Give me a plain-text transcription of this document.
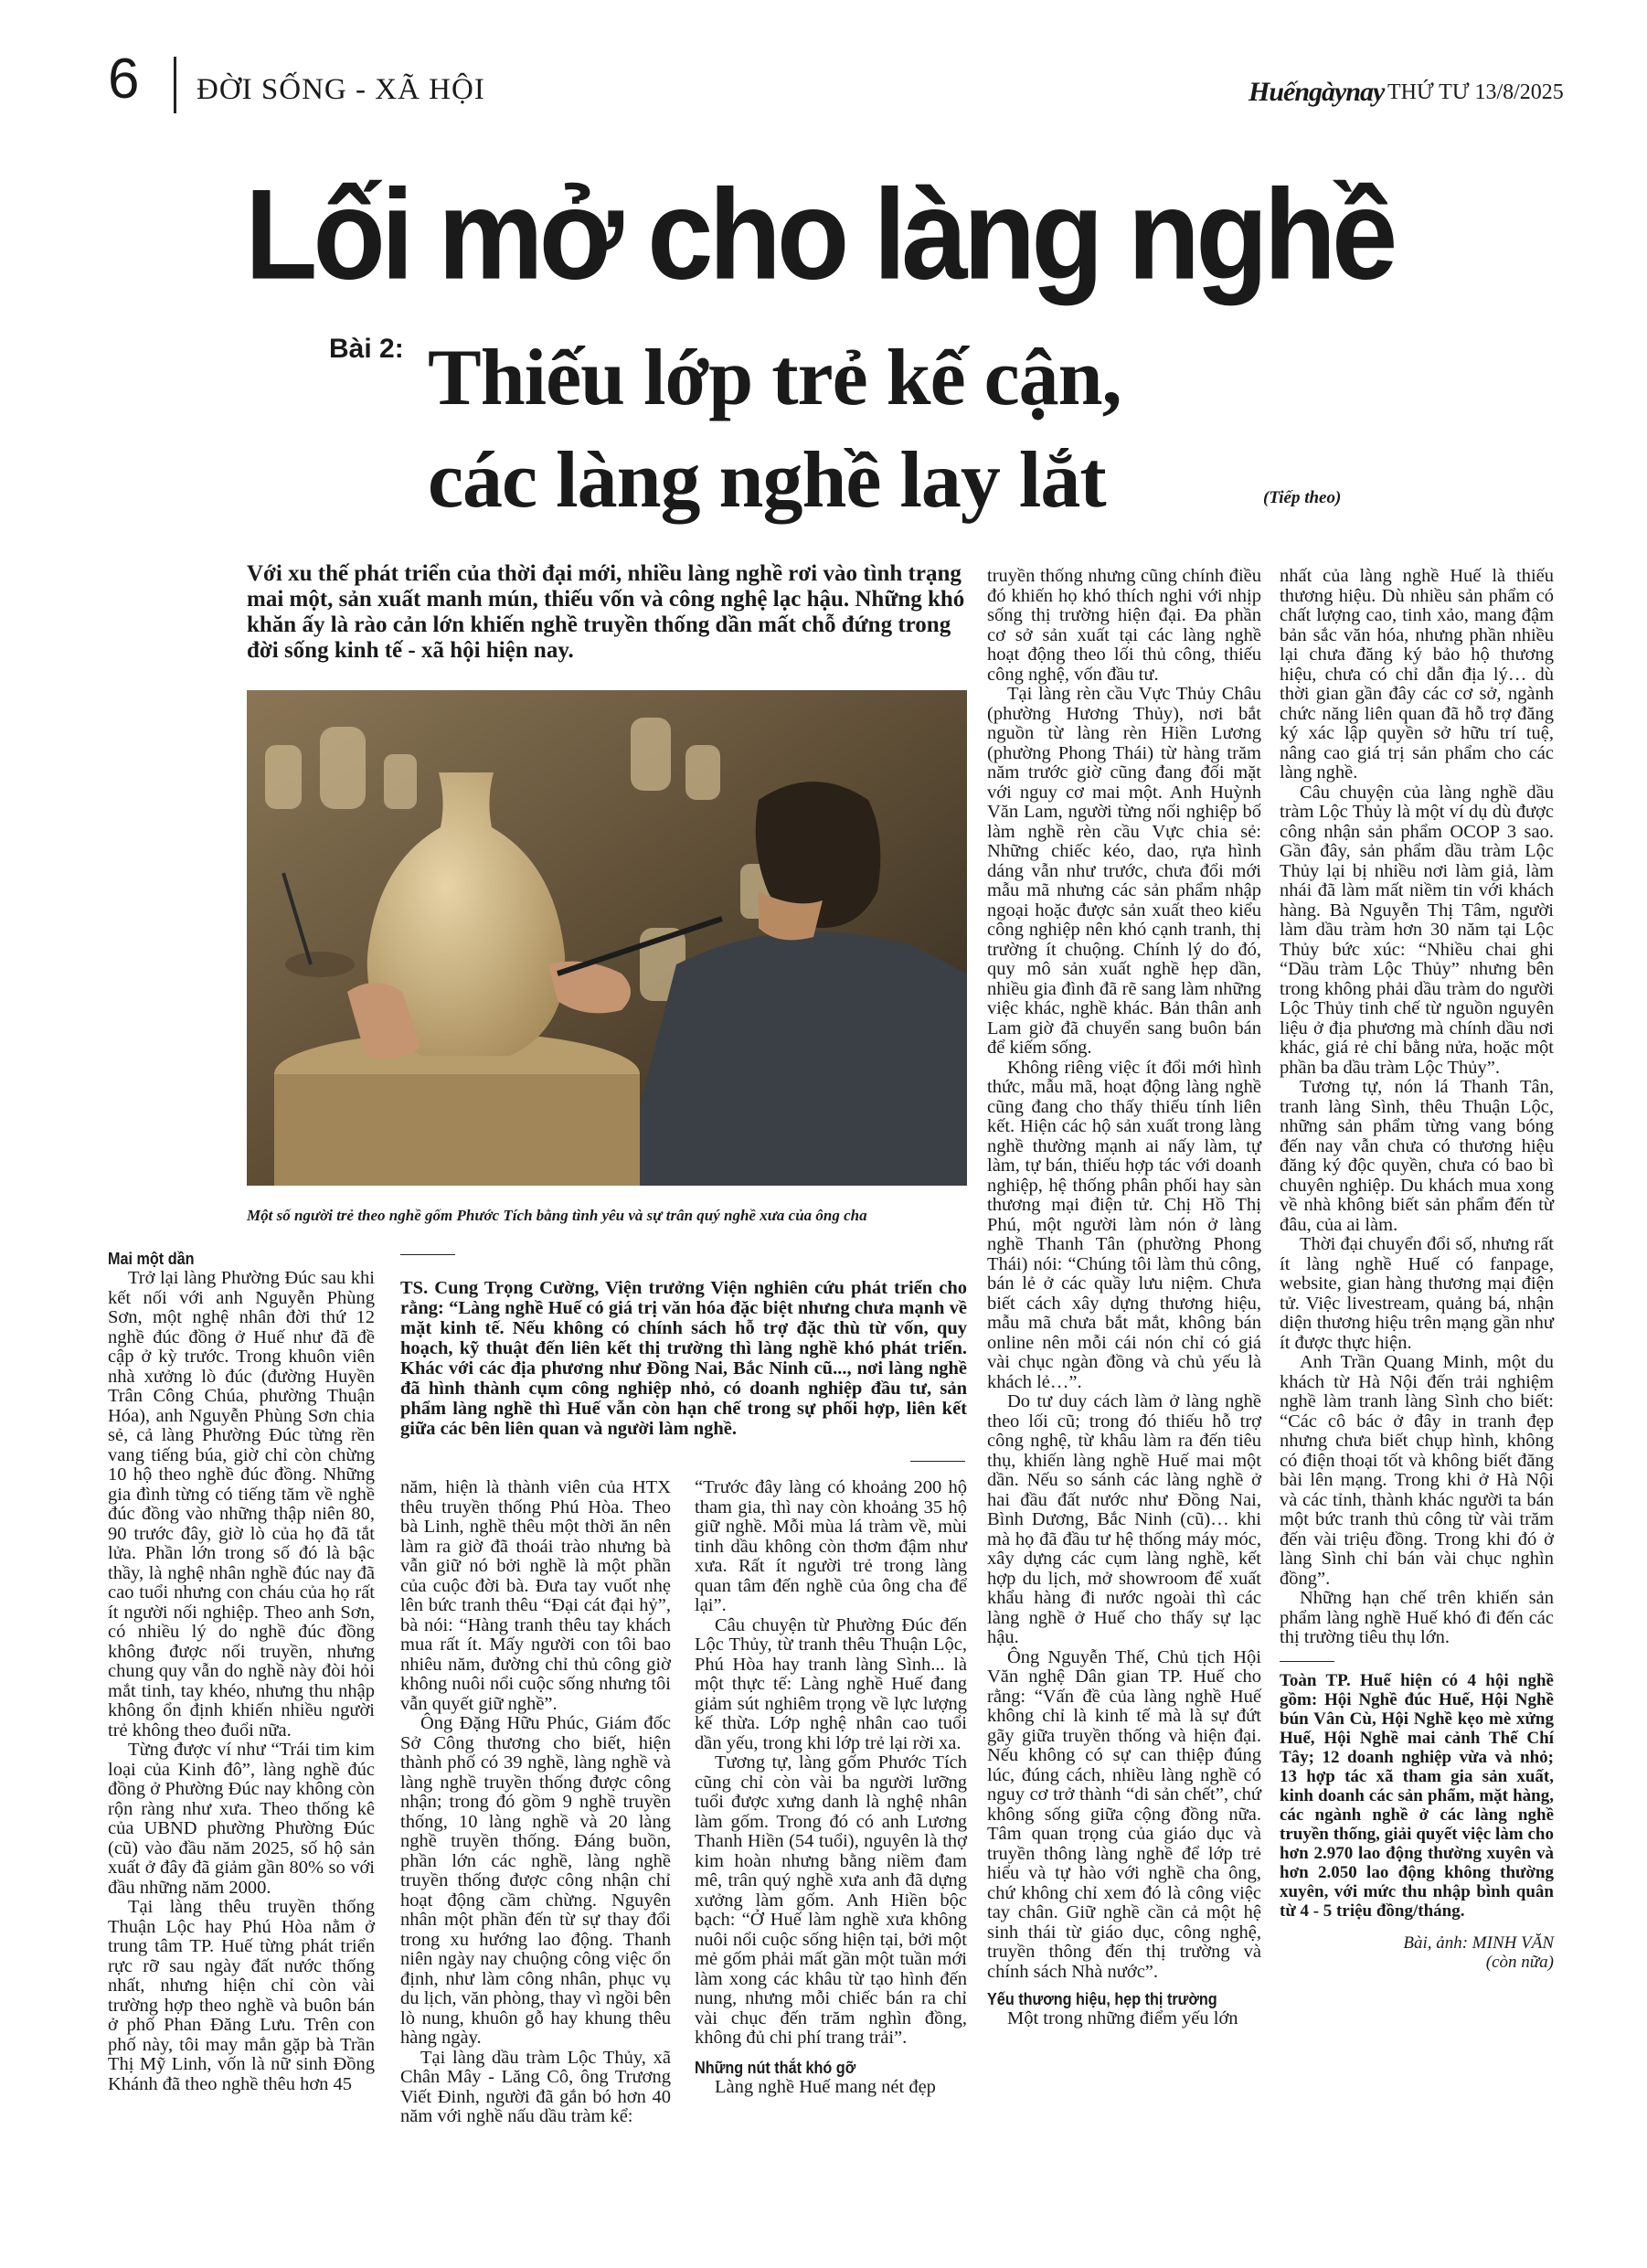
6 ĐỜI SỐNG - XÃ HỘI	Huếngàynay THỨ TƯ 13/8/2025
Lối mở cho làng nghề
Bài 2: Thiếu lớp trẻ kế cận,
các làng nghề lay lắt	(Tiếp theo)
Với xu thế phát triển của thời đại mới, nhiều làng nghề rơi vào tình trạng mai một, sản xuất manh mún, thiếu vốn và công nghệ lạc hậu. Những khó khăn ấy là rào cản lớn khiến nghề truyền thống dần mất chỗ đứng trong đời sống kinh tế - xã hội hiện nay.
Một số người trẻ theo nghề gốm Phước Tích bằng tình yêu và sự trân quý nghề xưa của ông cha
Mai một dần

Trở lại làng Phường Đúc sau khi kết nối với anh Nguyễn Phùng Sơn, một nghệ nhân đời thứ 12 nghề đúc đồng ở Huế như đã đề cập ở kỳ trước. Trong khuôn viên nhà xưởng lò đúc (đường Huyền Trân Công Chúa, phường Thuận Hóa), anh Nguyễn Phùng Sơn chia sẻ, cả làng Phường Đúc từng rền vang tiếng búa, giờ chỉ còn chừng 10 hộ theo nghề đúc đồng. Những gia đình từng có tiếng tăm về nghề đúc đồng vào những thập niên 80, 90 trước đây, giờ lò của họ đã tắt lửa. Phần lớn trong số đó là bậc thầy, là nghệ nhân nghề đúc nay đã cao tuổi nhưng con cháu của họ rất ít người nối nghiệp. Theo anh Sơn, có nhiều lý do nghề đúc đồng không được nối truyền, nhưng chung quy vẫn do nghề này đòi hỏi mắt tinh, tay khéo, nhưng thu nhập không ổn định khiến nhiều người trẻ không theo đuổi nữa.

Từng được ví như “Trái tim kim loại của Kinh đô”, làng nghề đúc đồng ở Phường Đúc nay không còn rộn ràng như xưa. Theo thống kê của UBND phường Phường Đúc (cũ) vào đầu năm 2025, số hộ sản xuất ở đây đã giảm gần 80% so với đầu những năm 2000.

Tại làng thêu truyền thống Thuận Lộc hay Phú Hòa nằm ở trung tâm TP. Huế từng phát triển rực rỡ sau ngày đất nước thống nhất, nhưng hiện chỉ còn vài trường hợp theo nghề và buôn bán ở phố Phan Đăng Lưu. Trên con phố này, tôi may mắn gặp bà Trần Thị Mỹ Linh, vốn là nữ sinh Đồng Khánh đã theo nghề thêu hơn 45

TS. Cung Trọng Cường, Viện trưởng Viện nghiên cứu phát triển cho rằng: “Làng nghề Huế có giá trị văn hóa đặc biệt nhưng chưa mạnh về mặt kinh tế. Nếu không có chính sách hỗ trợ đặc thù từ vốn, quy hoạch, kỹ thuật đến liên kết thị trường thì làng nghề khó phát triển. Khác với các địa phương như Đồng Nai, Bắc Ninh cũ..., nơi làng nghề đã hình thành cụm công nghiệp nhỏ, có doanh nghiệp đầu tư, sản phẩm làng nghề thì Huế vẫn còn hạn chế trong sự phối hợp, liên kết giữa các bên liên quan và người làm nghề.

năm, hiện là thành viên của HTX thêu truyền thống Phú Hòa. Theo bà Linh, nghề thêu một thời ăn nên làm ra giờ đã thoái trào nhưng bà vẫn giữ nó bởi nghề là một phần của cuộc đời bà. Đưa tay vuốt nhẹ lên bức tranh thêu “Đại cát đại hỷ”, bà nói: “Hàng tranh thêu tay khách mua rất ít. Mấy người con tôi bao nhiêu năm, đường chỉ thủ công giờ không nuôi nổi cuộc sống nhưng tôi vẫn quyết giữ nghề”.

Ông Đặng Hữu Phúc, Giám đốc Sở Công thương cho biết, hiện thành phố có 39 nghề, làng nghề và làng nghề truyền thống được công nhận; trong đó gồm 9 nghề truyền thống, 10 làng nghề và 20 làng nghề truyền thống. Đáng buồn, phần lớn các nghề, làng nghề truyền thống được công nhận chỉ hoạt động cầm chừng. Nguyên nhân một phần đến từ sự thay đổi trong xu hướng lao động. Thanh niên ngày nay chuộng công việc ổn định, như làm công nhân, phục vụ du lịch, văn phòng, thay vì ngồi bên lò nung, khuôn gỗ hay khung thêu hàng ngày.

Tại làng dầu tràm Lộc Thủy, xã Chân Mây - Lăng Cô, ông Trương Viết Đinh, người đã gắn bó hơn 40 năm với nghề nấu dầu tràm kể:

“Trước đây làng có khoảng 200 hộ tham gia, thì nay còn khoảng 35 hộ giữ nghề. Mỗi mùa lá tràm về, mùi tinh dầu không còn thơm đậm như xưa. Rất ít người trẻ trong làng quan tâm đến nghề của ông cha để lại”.

Câu chuyện từ Phường Đúc đến Lộc Thủy, từ tranh thêu Thuận Lộc, Phú Hòa hay tranh làng Sình... là một thực tế: Làng nghề Huế đang giảm sút nghiêm trọng về lực lượng kế thừa. Lớp nghệ nhân cao tuổi dần yếu, trong khi lớp trẻ lại rời xa.

Tương tự, làng gốm Phước Tích cũng chỉ còn vài ba người lưỡng tuổi được xưng danh là nghệ nhân làm gốm. Trong đó có anh Lương Thanh Hiền (54 tuổi), nguyên là thợ kim hoàn nhưng bằng niềm đam mê, trân quý nghề xưa anh đã dựng xưởng làm gốm. Anh Hiền bộc bạch: “Ở Huế làm nghề xưa không nuôi nổi cuộc sống hiện tại, bởi một mẻ gốm phải mất gần một tuần mới làm xong các khâu từ tạo hình đến nung, nhưng mỗi chiếc bán ra chỉ vài chục đến trăm nghìn đồng, không đủ chi phí trang trải”.

Những nút thắt khó gỡ

Làng nghề Huế mang nét đẹp

truyền thống nhưng cũng chính điều đó khiến họ khó thích nghi với nhịp sống thị trường hiện đại. Đa phần cơ sở sản xuất tại các làng nghề hoạt động theo lối thủ công, thiếu công nghệ, vốn đầu tư.

Tại làng rèn cầu Vực Thủy Châu (phường Hương Thủy), nơi bắt nguồn từ làng rèn Hiền Lương (phường Phong Thái) từ hàng trăm năm trước giờ cũng đang đối mặt với nguy cơ mai một. Anh Huỳnh Văn Lam, người từng nối nghiệp bố làm nghề rèn cầu Vực chia sẻ: Những chiếc kéo, dao, rựa hình dáng vẫn như trước, chưa đổi mới mẫu mã nhưng các sản phẩm nhập ngoại hoặc được sản xuất theo kiểu công nghiệp nên khó cạnh tranh, thị trường ít chuộng. Chính lý do đó, quy mô sản xuất nghề hẹp dần, nhiều gia đình đã rẽ sang làm những việc khác, nghề khác. Bản thân anh Lam giờ đã chuyển sang buôn bán để kiếm sống.

Không riêng việc ít đổi mới hình thức, mẫu mã, hoạt động làng nghề cũng đang cho thấy thiếu tính liên kết. Hiện các hộ sản xuất trong làng nghề thường mạnh ai nấy làm, tự làm, tự bán, thiếu hợp tác với doanh nghiệp, hệ thống phân phối hay sàn thương mại điện tử. Chị Hồ Thị Phú, một người làm nón ở làng nghề Thanh Tân (phường Phong Thái) nói: “Chúng tôi làm thủ công, bán lẻ ở các quầy lưu niệm. Chưa biết cách xây dựng thương hiệu, mẫu mã chưa bắt mắt, không bán online nên mỗi cái nón chỉ có giá vài chục ngàn đồng và chủ yếu là khách lẻ…”.

Do tư duy cách làm ở làng nghề theo lối cũ; trong đó thiếu hỗ trợ công nghệ, từ khâu làm ra đến tiêu thụ, khiến làng nghề Huế mai một dần. Nếu so sánh các làng nghề ở hai đầu đất nước như Đồng Nai, Bình Dương, Bắc Ninh (cũ)… khi mà họ đã đầu tư hệ thống máy móc, xây dựng các cụm làng nghề, kết hợp du lịch, mở showroom để xuất khẩu hàng đi nước ngoài thì các làng nghề ở Huế cho thấy sự lạc hậu.

Ông Nguyễn Thế, Chủ tịch Hội Văn nghệ Dân gian TP. Huế cho rằng: “Vấn đề của làng nghề Huế không chỉ là kinh tế mà là sự đứt gãy giữa truyền thống và hiện đại. Nếu không có sự can thiệp đúng lúc, đúng cách, nhiều làng nghề có nguy cơ trở thành “di sản chết”, chứ không sống giữa cộng đồng nữa. Tâm quan trọng của giáo dục và truyền thông làng nghề để lớp trẻ hiểu và tự hào với nghề cha ông, chứ không chỉ xem đó là công việc tay chân. Giữ nghề cần cả một hệ sinh thái từ giáo dục, công nghệ, truyền thông đến thị trường và chính sách Nhà nước”.

Yếu thương hiệu, hẹp thị trường

Một trong những điểm yếu lớn

nhất của làng nghề Huế là thiếu thương hiệu. Dù nhiều sản phẩm có chất lượng cao, tinh xảo, mang đậm bản sắc văn hóa, nhưng phần nhiều lại chưa đăng ký bảo hộ thương hiệu, chưa có chỉ dẫn địa lý… dù thời gian gần đây các cơ sở, ngành chức năng liên quan đã hỗ trợ đăng ký xác lập quyền sở hữu trí tuệ, nâng cao giá trị sản phẩm cho các làng nghề.

Câu chuyện của làng nghề dầu tràm Lộc Thủy là một ví dụ dù được công nhận sản phẩm OCOP 3 sao. Gần đây, sản phẩm dầu tràm Lộc Thủy lại bị nhiều nơi làm giả, làm nhái đã làm mất niềm tin với khách hàng. Bà Nguyễn Thị Tâm, người làm dầu tràm hơn 30 năm tại Lộc Thủy bức xúc: “Nhiều chai ghi “Dầu tràm Lộc Thủy” nhưng bên trong không phải dầu tràm do người Lộc Thủy tinh chế từ nguồn nguyên liệu ở địa phương mà chính dầu nơi khác, giá rẻ chỉ bằng nửa, hoặc một phần ba dầu tràm Lộc Thủy”.

Tương tự, nón lá Thanh Tân, tranh làng Sình, thêu Thuận Lộc, những sản phẩm từng vang bóng đến nay vẫn chưa có thương hiệu đăng ký độc quyền, chưa có bao bì chuyên nghiệp. Du khách mua xong về nhà không biết sản phẩm đến từ đâu, của ai làm.

Thời đại chuyển đổi số, nhưng rất ít làng nghề Huế có fanpage, website, gian hàng thương mại điện tử. Việc livestream, quảng bá, nhận diện thương hiệu trên mạng gần như ít được thực hiện.

Anh Trần Quang Minh, một du khách từ Hà Nội đến trải nghiệm nghề làm tranh làng Sình cho biết: “Các cô bác ở đây in tranh đẹp nhưng chưa biết chụp hình, không có điện thoại tốt và không biết đăng bài lên mạng. Trong khi ở Hà Nội và các tỉnh, thành khác người ta bán một bức tranh thủ công từ vài trăm đến vài triệu đồng. Trong khi đó ở làng Sình chỉ bán vài chục nghìn đồng”.

Những hạn chế trên khiến sản phẩm làng nghề Huế khó đi đến các thị trường tiêu thụ lớn.

Toàn TP. Huế hiện có 4 hội nghề gồm: Hội Nghề đúc Huế, Hội Nghề bún Vân Cù, Hội Nghề kẹo mè xửng Huế, Hội Nghề mai cảnh Thế Chí Tây; 12 doanh nghiệp vừa và nhỏ; 13 hợp tác xã tham gia sản xuất, kinh doanh các sản phẩm, mặt hàng, các ngành nghề ở các làng nghề truyền thống, giải quyết việc làm cho hơn 2.970 lao động thường xuyên và hơn 2.050 lao động không thường xuyên, với mức thu nhập bình quân từ 4 - 5 triệu đồng/tháng.
Bài, ảnh: MINH VĂN
(còn nữa)
